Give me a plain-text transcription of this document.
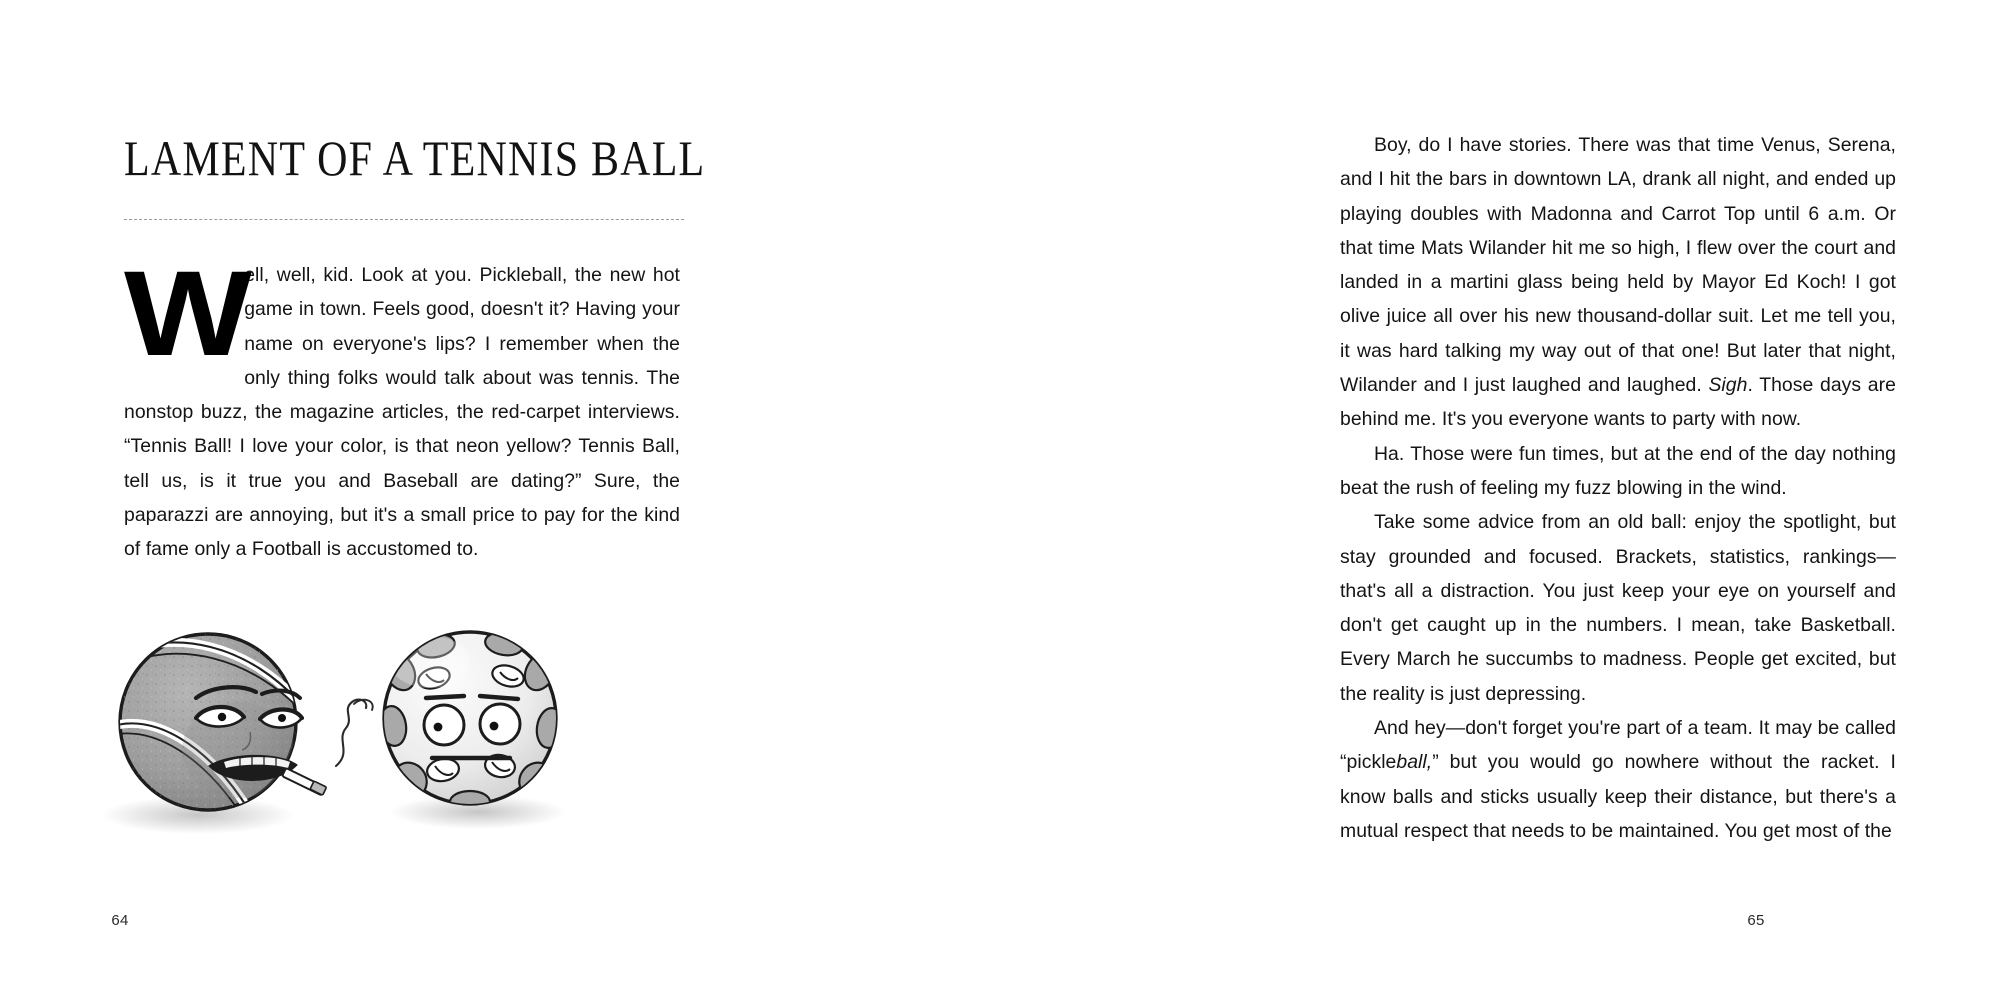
LAMENT OF A TENNIS BALL

W
ell, well, kid. Look at you. Pickleball, the new hot game in town. Feels good, doesn't it? Having your name on everyone's lips? I remember when the only thing folks would talk about was tennis. The nonstop buzz, the magazine articles, the red-carpet interviews. “Tennis Ball! I love your color, is that neon yellow? Tennis Ball, tell us, is it true you and Baseball are dating?” Sure, the paparazzi are annoying, but it's a small price to pay for the kind of fame only a Football is accustomed to.

64

Boy, do I have stories. There was that time Venus, Serena, and I hit the bars in downtown LA, drank all night, and ended up playing doubles with Madonna and Carrot Top until 6 a.m. Or that time Mats Wilander hit me so high, I flew over the court and landed in a martini glass being held by Mayor Ed Koch! I got olive juice all over his new thousand-dollar suit. Let me tell you, it was hard talking my way out of that one! But later that night, Wilander and I just laughed and laughed. Sigh. Those days are behind me. It's you everyone wants to party with now.

Ha. Those were fun times, but at the end of the day nothing beat the rush of feeling my fuzz blowing in the wind.

Take some advice from an old ball: enjoy the spotlight, but stay grounded and focused. Brackets, statistics, rankings—that's all a distraction. You just keep your eye on yourself and don't get caught up in the numbers. I mean, take Basketball. Every March he succumbs to madness. People get excited, but the reality is just depressing.

And hey—don't forget you're part of a team. It may be called “pickleball,” but you would go nowhere without the racket. I know balls and sticks usually keep their distance, but there's a mutual respect that needs to be maintained. You get most of the

65
